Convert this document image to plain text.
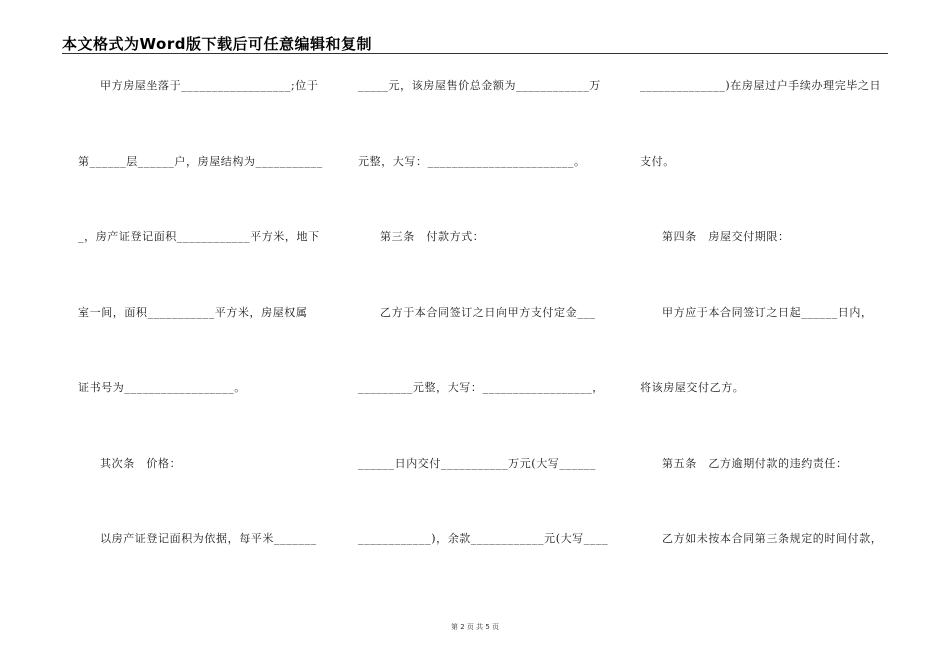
本文格式为Word版下载后可任意编辑和复制
甲方房屋坐落于__________________;位于
第______层______户，房屋结构为___________
_，房产证登记面积____________平方米，地下
室一间，面积___________平方米，房屋权属
证书号为__________________。
其次条　价格：
以房产证登记面积为依据，每平米_______
_____元，该房屋售价总金额为____________万
元整，大写：________________________。
第三条　付款方式：
乙方于本合同签订之日向甲方支付定金___
_________元整，大写：__________________，
______日内交付___________万元(大写______
____________)，余款____________元(大写____
______________)在房屋过户手续办理完毕之日
支付。
第四条　房屋交付期限：
甲方应于本合同签订之日起______日内，
将该房屋交付乙方。
第五条　乙方逾期付款的违约责任：
乙方如未按本合同第三条规定的时间付款，
第 2 页 共 5 页
